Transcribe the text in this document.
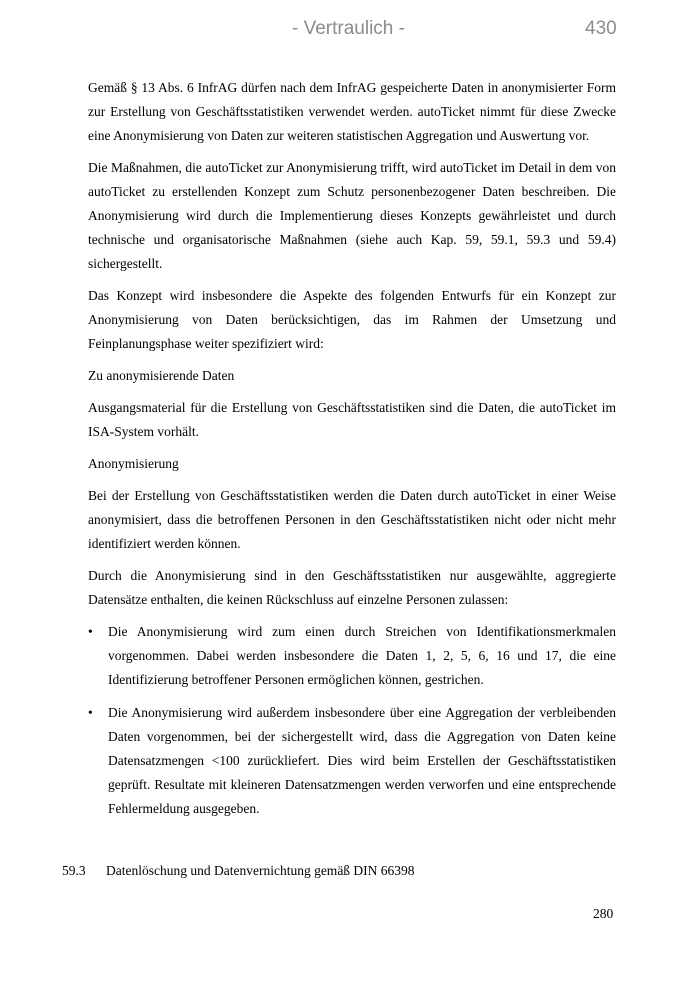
- Vertraulich -	430

Gemäß § 13 Abs. 6 InfrAG dürfen nach dem InfrAG gespeicherte Daten in anonymisierter Form zur Erstellung von Geschäftsstatistiken verwendet werden. autoTicket nimmt für diese Zwecke eine Anonymisierung von Daten zur weiteren statistischen Aggregation und Auswertung vor.

Die Maßnahmen, die autoTicket zur Anonymisierung trifft, wird autoTicket im Detail in dem von autoTicket zu erstellenden Konzept zum Schutz personenbezogener Daten beschreiben. Die Anonymisierung wird durch die Implementierung dieses Konzepts gewährleistet und durch technische und organisatorische Maßnahmen (siehe auch Kap. 59, 59.1, 59.3 und 59.4) sichergestellt.

Das Konzept wird insbesondere die Aspekte des folgenden Entwurfs für ein Konzept zur Anonymisierung von Daten berücksichtigen, das im Rahmen der Umsetzung und Feinplanungsphase weiter spezifiziert wird:

Zu anonymisierende Daten

Ausgangsmaterial für die Erstellung von Geschäftsstatistiken sind die Daten, die autoTicket im ISA-System vorhält.

Anonymisierung

Bei der Erstellung von Geschäftsstatistiken werden die Daten durch autoTicket in einer Weise anonymisiert, dass die betroffenen Personen in den Geschäftsstatistiken nicht oder nicht mehr identifiziert werden können.

Durch die Anonymisierung sind in den Geschäftsstatistiken nur ausgewählte, aggregierte Datensätze enthalten, die keinen Rückschluss auf einzelne Personen zulassen:

• Die Anonymisierung wird zum einen durch Streichen von Identifikationsmerkmalen vorgenommen. Dabei werden insbesondere die Daten 1, 2, 5, 6, 16 und 17, die eine Identifizierung betroffener Personen ermöglichen können, gestrichen.
• Die Anonymisierung wird außerdem insbesondere über eine Aggregation der verbleibenden Daten vorgenommen, bei der sichergestellt wird, dass die Aggregation von Daten keine Datensatzmengen <100 zurückliefert. Dies wird beim Erstellen der Geschäftsstatistiken geprüft. Resultate mit kleineren Datensatzmengen werden verworfen und eine entsprechende Fehlermeldung ausgegeben.
59.3 Datenlöschung und Datenvernichtung gemäß DIN 66398
280
